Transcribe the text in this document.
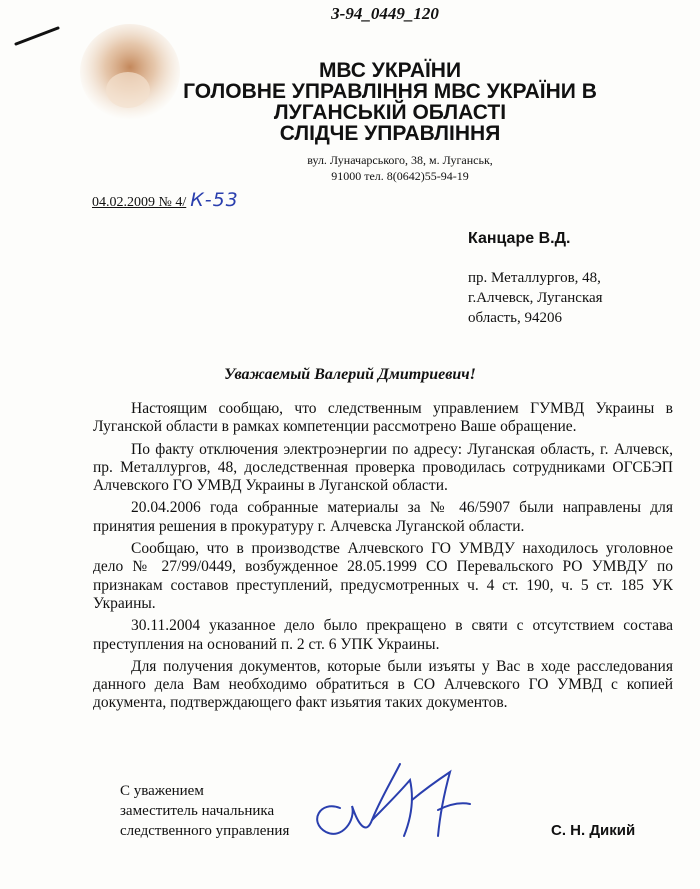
3-94_0449_120
МВС УКРАЇНИ
ГОЛОВНЕ УПРАВЛІННЯ МВС УКРАЇНИ В
ЛУГАНСЬКІЙ ОБЛАСТІ
СЛІДЧЕ УПРАВЛІННЯ
вул. Луначарського, 38, м. Луганськ,
91000 тел. 8(0642)55-94-19
04.02.2009 № 4/ К-53
Канцаре В.Д.
пр. Металлургов, 48,
г.Алчевск, Луганская
область, 94206
Уважаемый Валерий Дмитриевич!

Настоящим сообщаю, что следственным управлением ГУМВД Украины в Луганской области в рамках компетенции рассмотрено Ваше обращение.

По факту отключения электроэнергии по адресу: Луганская область, г. Алчевск, пр. Металлургов, 48, доследственная проверка проводилась сотрудниками ОГСБЭП Алчевского ГО УМВД Украины в Луганской области.

20.04.2006 года собранные материалы за № 46/5907 были направлены для принятия решения в прокуратуру г. Алчевска Луганской области.

Сообщаю, что в производстве Алчевского ГО УМВДУ находилось уголовное дело № 27/99/0449, возбужденное 28.05.1999 СО Перевальского РО УМВДУ по признакам составов преступлений, предусмотренных ч. 4 ст. 190, ч. 5 ст. 185 УК Украины.

30.11.2004 указанное дело было прекращено в святи с отсутствием состава преступления на оснований п. 2 ст. 6 УПК Украины.

Для получения документов, которые были изъяты у Вас в ходе расследования данного дела Вам необходимо обратиться в СО Алчевского ГО УМВД с копией документа, подтверждающего факт изьятия таких документов.

С уважением
заместитель начальника
следственного управления	С. Н. Дикий
